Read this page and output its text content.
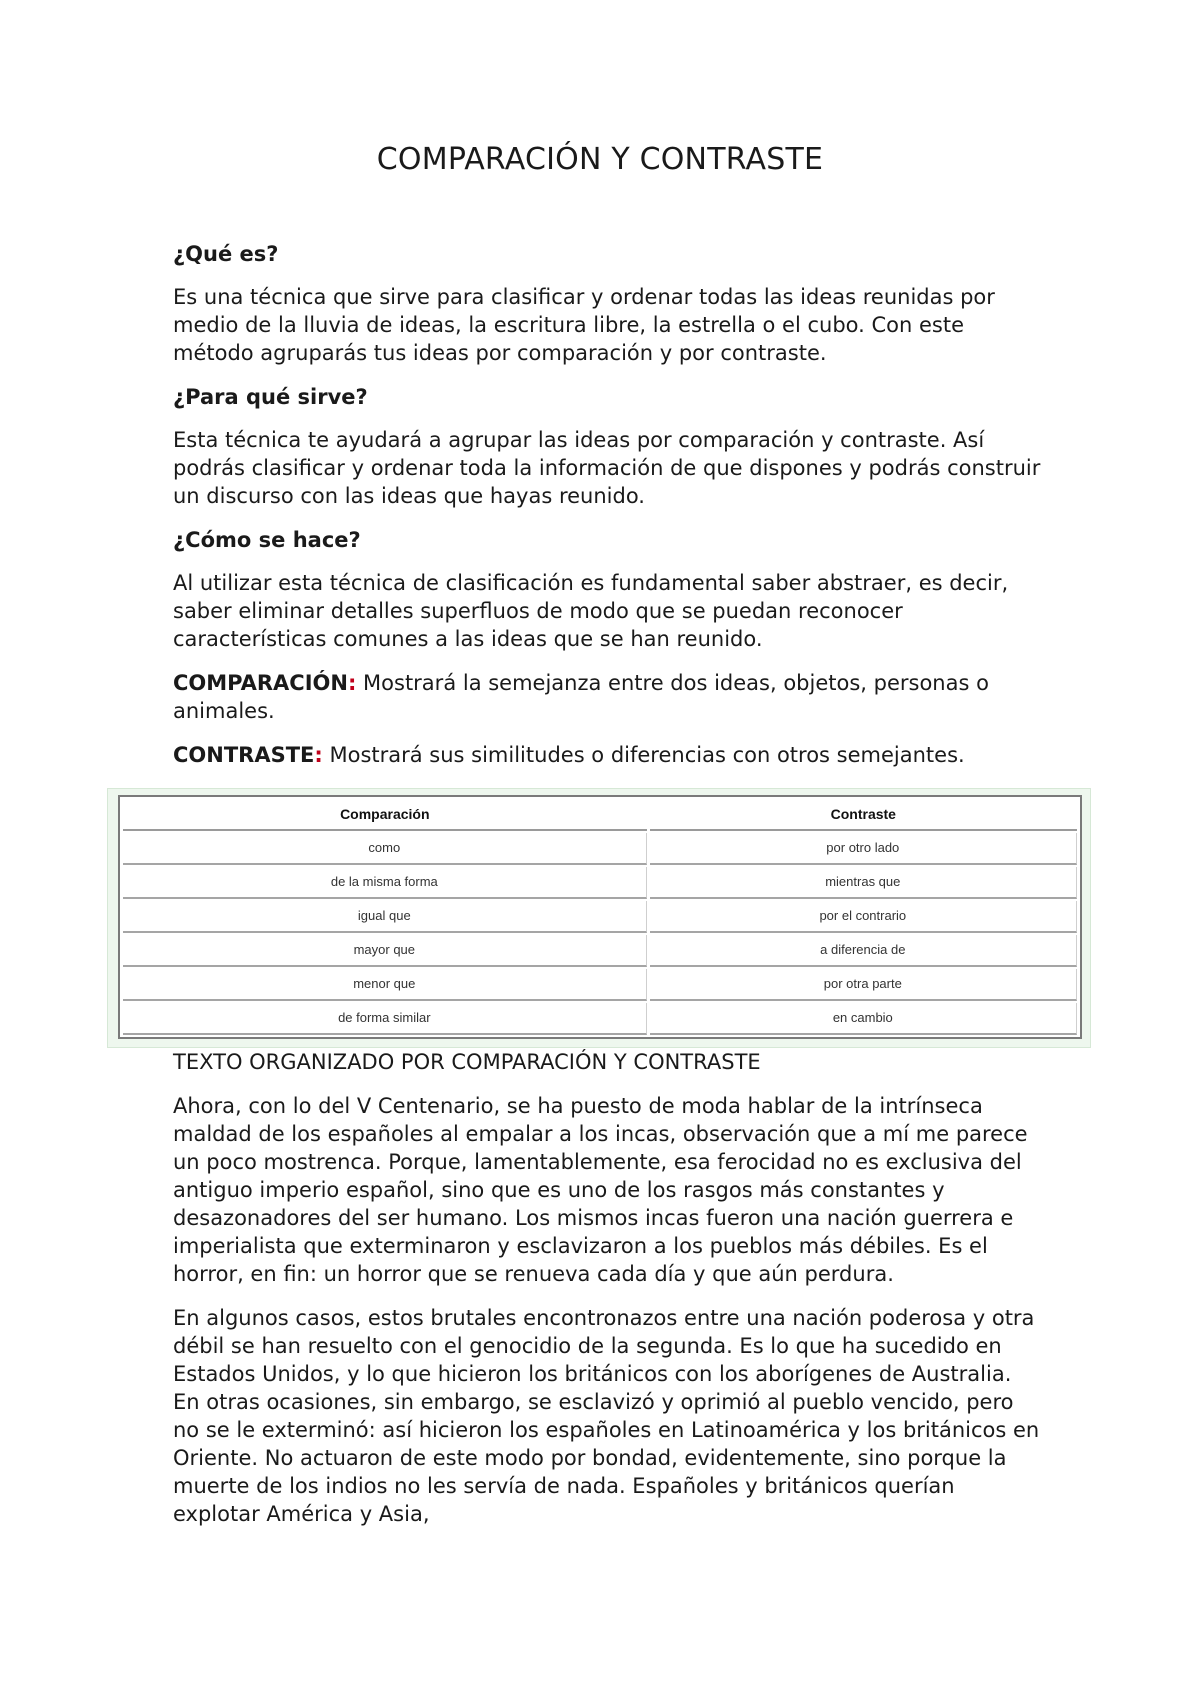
COMPARACIÓN Y CONTRASTE
¿Qué es?

Es una técnica que sirve para clasificar y ordenar todas las ideas reunidas por medio de la lluvia de ideas, la escritura libre, la estrella o el cubo. Con este método agruparás tus ideas por comparación y por contraste.

¿Para qué sirve?

Esta técnica te ayudará a agrupar las ideas por comparación y contraste. Así podrás clasificar y ordenar toda la información de que dispones y podrás construir un discurso con las ideas que hayas reunido.

¿Cómo se hace?

Al utilizar esta técnica de clasificación es fundamental saber abstraer, es decir, saber eliminar detalles superfluos de modo que se puedan reconocer características comunes a las ideas que se han reunido.

COMPARACIÓN: Mostrará la semejanza entre dos ideas, objetos, personas o animales.

CONTRASTE: Mostrará sus similitudes o diferencias con otros semejantes.

Comparación	Contraste
como	por otro lado
de la misma forma	mientras que
igual que	por el contrario
mayor que	a diferencia de
menor que	por otra parte
de forma similar	en cambio

TEXTO ORGANIZADO POR COMPARACIÓN Y CONTRASTE

Ahora, con lo del V Centenario, se ha puesto de moda hablar de la intrínseca maldad de los españoles al empalar a los incas, observación que a mí me parece un poco mostrenca. Porque, lamentablemente, esa ferocidad no es exclusiva del antiguo imperio español, sino que es uno de los rasgos más constantes y desazonadores del ser humano. Los mismos incas fueron una nación guerrera e imperialista que exterminaron y esclavizaron a los pueblos más débiles. Es el horror, en fin: un horror que se renueva cada día y que aún perdura.

En algunos casos, estos brutales encontronazos entre una nación poderosa y otra débil se han resuelto con el genocidio de la segunda. Es lo que ha sucedido en Estados Unidos, y lo que hicieron los británicos con los aborígenes de Australia. En otras ocasiones, sin embargo, se esclavizó y oprimió al pueblo vencido, pero no se le exterminó: así hicieron los españoles en Latinoamérica y los británicos en Oriente. No actuaron de este modo por bondad, evidentemente, sino porque la muerte de los indios no les servía de nada. Españoles y británicos querían explotar América y Asia,
